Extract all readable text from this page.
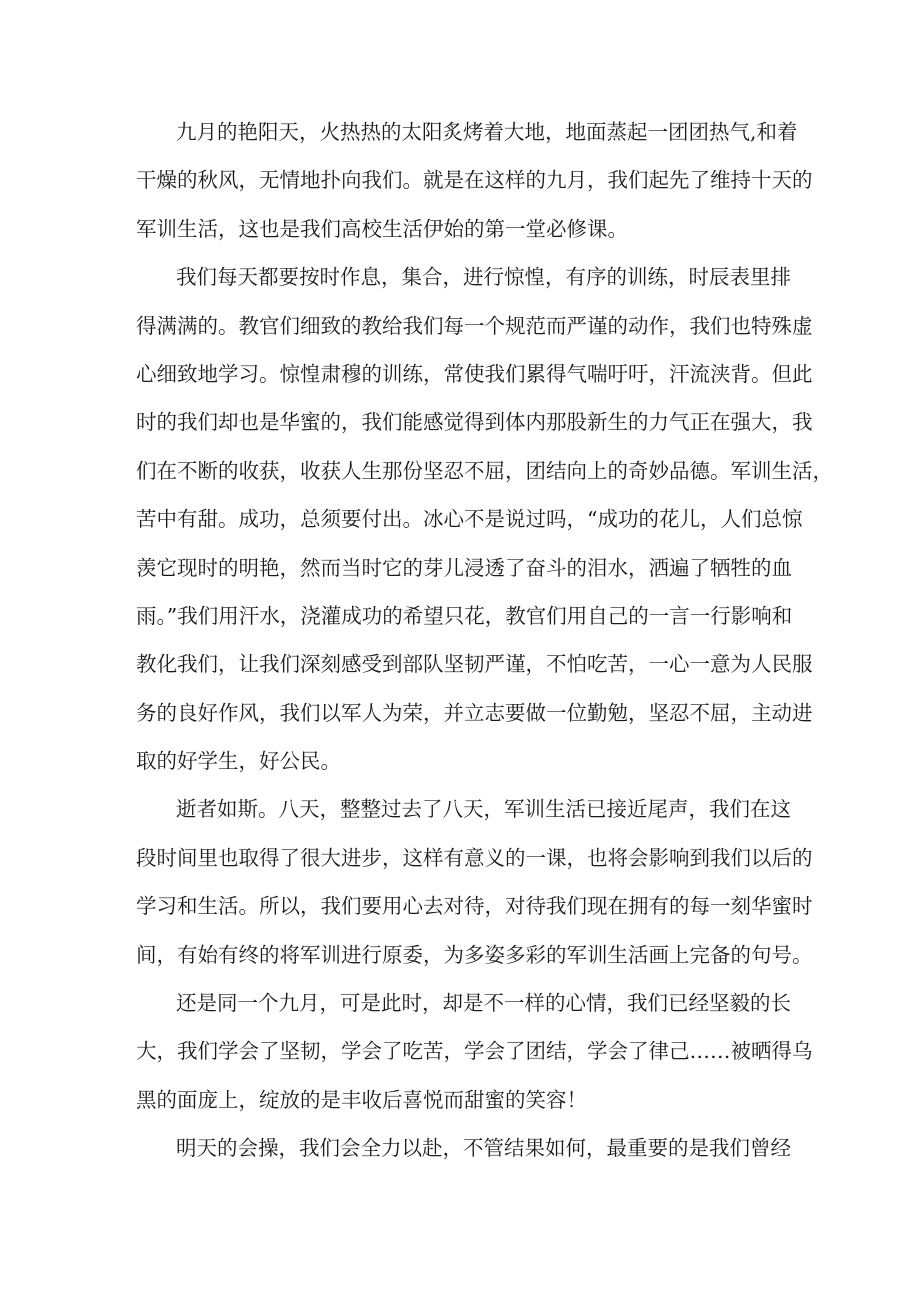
九月的艳阳天，火热热的太阳炙烤着大地，地面蒸起一团团热气,和着
干燥的秋风，无情地扑向我们。就是在这样的九月，我们起先了维持十天的
军训生活，这也是我们高校生活伊始的第一堂必修课。
我们每天都要按时作息，集合，进行惊惶，有序的训练，时辰表里排
得满满的。教官们细致的教给我们每一个规范而严谨的动作，我们也特殊虚
心细致地学习。惊惶肃穆的训练，常使我们累得气喘吁吁，汗流浃背。但此
时的我们却也是华蜜的，我们能感觉得到体内那股新生的力气正在强大，我
们在不断的收获，收获人生那份坚忍不屈，团结向上的奇妙品德。军训生活，
苦中有甜。成功，总须要付出。冰心不是说过吗，“成功的花儿，人们总惊
羡它现时的明艳，然而当时它的芽儿浸透了奋斗的泪水，洒遍了牺牲的血
雨。”我们用汗水，浇灌成功的希望只花，教官们用自己的一言一行影响和
教化我们，让我们深刻感受到部队坚韧严谨，不怕吃苦，一心一意为人民服
务的良好作风，我们以军人为荣，并立志要做一位勤勉，坚忍不屈，主动进
取的好学生，好公民。
逝者如斯。八天，整整过去了八天，军训生活已接近尾声，我们在这
段时间里也取得了很大进步，这样有意义的一课，也将会影响到我们以后的
学习和生活。所以，我们要用心去对待，对待我们现在拥有的每一刻华蜜时
间，有始有终的将军训进行原委，为多姿多彩的军训生活画上完备的句号。
还是同一个九月，可是此时，却是不一样的心情，我们已经坚毅的长
大，我们学会了坚韧，学会了吃苦，学会了团结，学会了律己……被晒得乌
黑的面庞上，绽放的是丰收后喜悦而甜蜜的笑容！
明天的会操，我们会全力以赴，不管结果如何，最重要的是我们曾经
